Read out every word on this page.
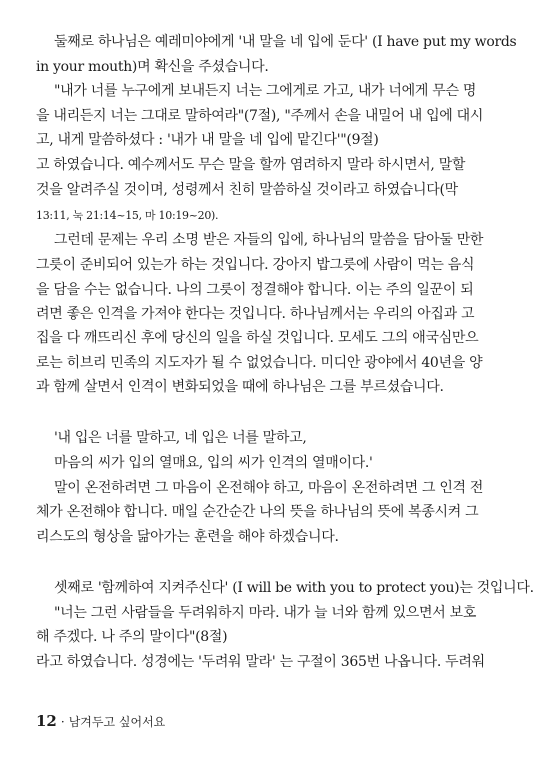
둘째로 하나님은 예레미야에게 '내 말을 네 입에 둔다' (I have put my words
in your mouth)며 확신을 주셨습니다.
"내가 너를 누구에게 보내든지 너는 그에게로 가고, 내가 너에게 무슨 명
을 내리든지 너는 그대로 말하여라"(7절), "주께서 손을 내밀어 내 입에 대시
고, 내게 말씀하셨다 : '내가 내 말을 네 입에 맡긴다'"(9절)
고 하였습니다. 예수께서도 무슨 말을 할까 염려하지 말라 하시면서, 말할
것을 알려주실 것이며, 성령께서 친히 말씀하실 것이라고 하였습니다(막
13:11, 눅 21:14~15, 마 10:19~20).
그런데 문제는 우리 소명 받은 자들의 입에, 하나님의 말씀을 담아둘 만한
그릇이 준비되어 있는가 하는 것입니다. 강아지 밥그릇에 사람이 먹는 음식
을 담을 수는 없습니다. 나의 그릇이 정결해야 합니다. 이는 주의 일꾼이 되
려면 좋은 인격을 가져야 한다는 것입니다. 하나님께서는 우리의 아집과 고
집을 다 깨뜨리신 후에 당신의 일을 하실 것입니다. 모세도 그의 애국심만으
로는 히브리 민족의 지도자가 될 수 없었습니다. 미디안 광야에서 40년을 양
과 함께 살면서 인격이 변화되었을 때에 하나님은 그를 부르셨습니다.
'내 입은 너를 말하고, 네 입은 너를 말하고,
마음의 씨가 입의 열매요, 입의 씨가 인격의 열매이다.'
말이 온전하려면 그 마음이 온전해야 하고, 마음이 온전하려면 그 인격 전
체가 온전해야 합니다. 매일 순간순간 나의 뜻을 하나님의 뜻에 복종시켜 그
리스도의 형상을 닮아가는 훈련을 해야 하겠습니다.
셋째로 '함께하여 지켜주신다' (I will be with you to protect you)는 것입니다.
"너는 그런 사람들을 두려워하지 마라. 내가 늘 너와 함께 있으면서 보호
해 주겠다. 나 주의 말이다"(8절)
라고 하였습니다. 성경에는 '두려워 말라' 는 구절이 365번 나옵니다. 두려워
12 · 남겨두고 싶어서요
